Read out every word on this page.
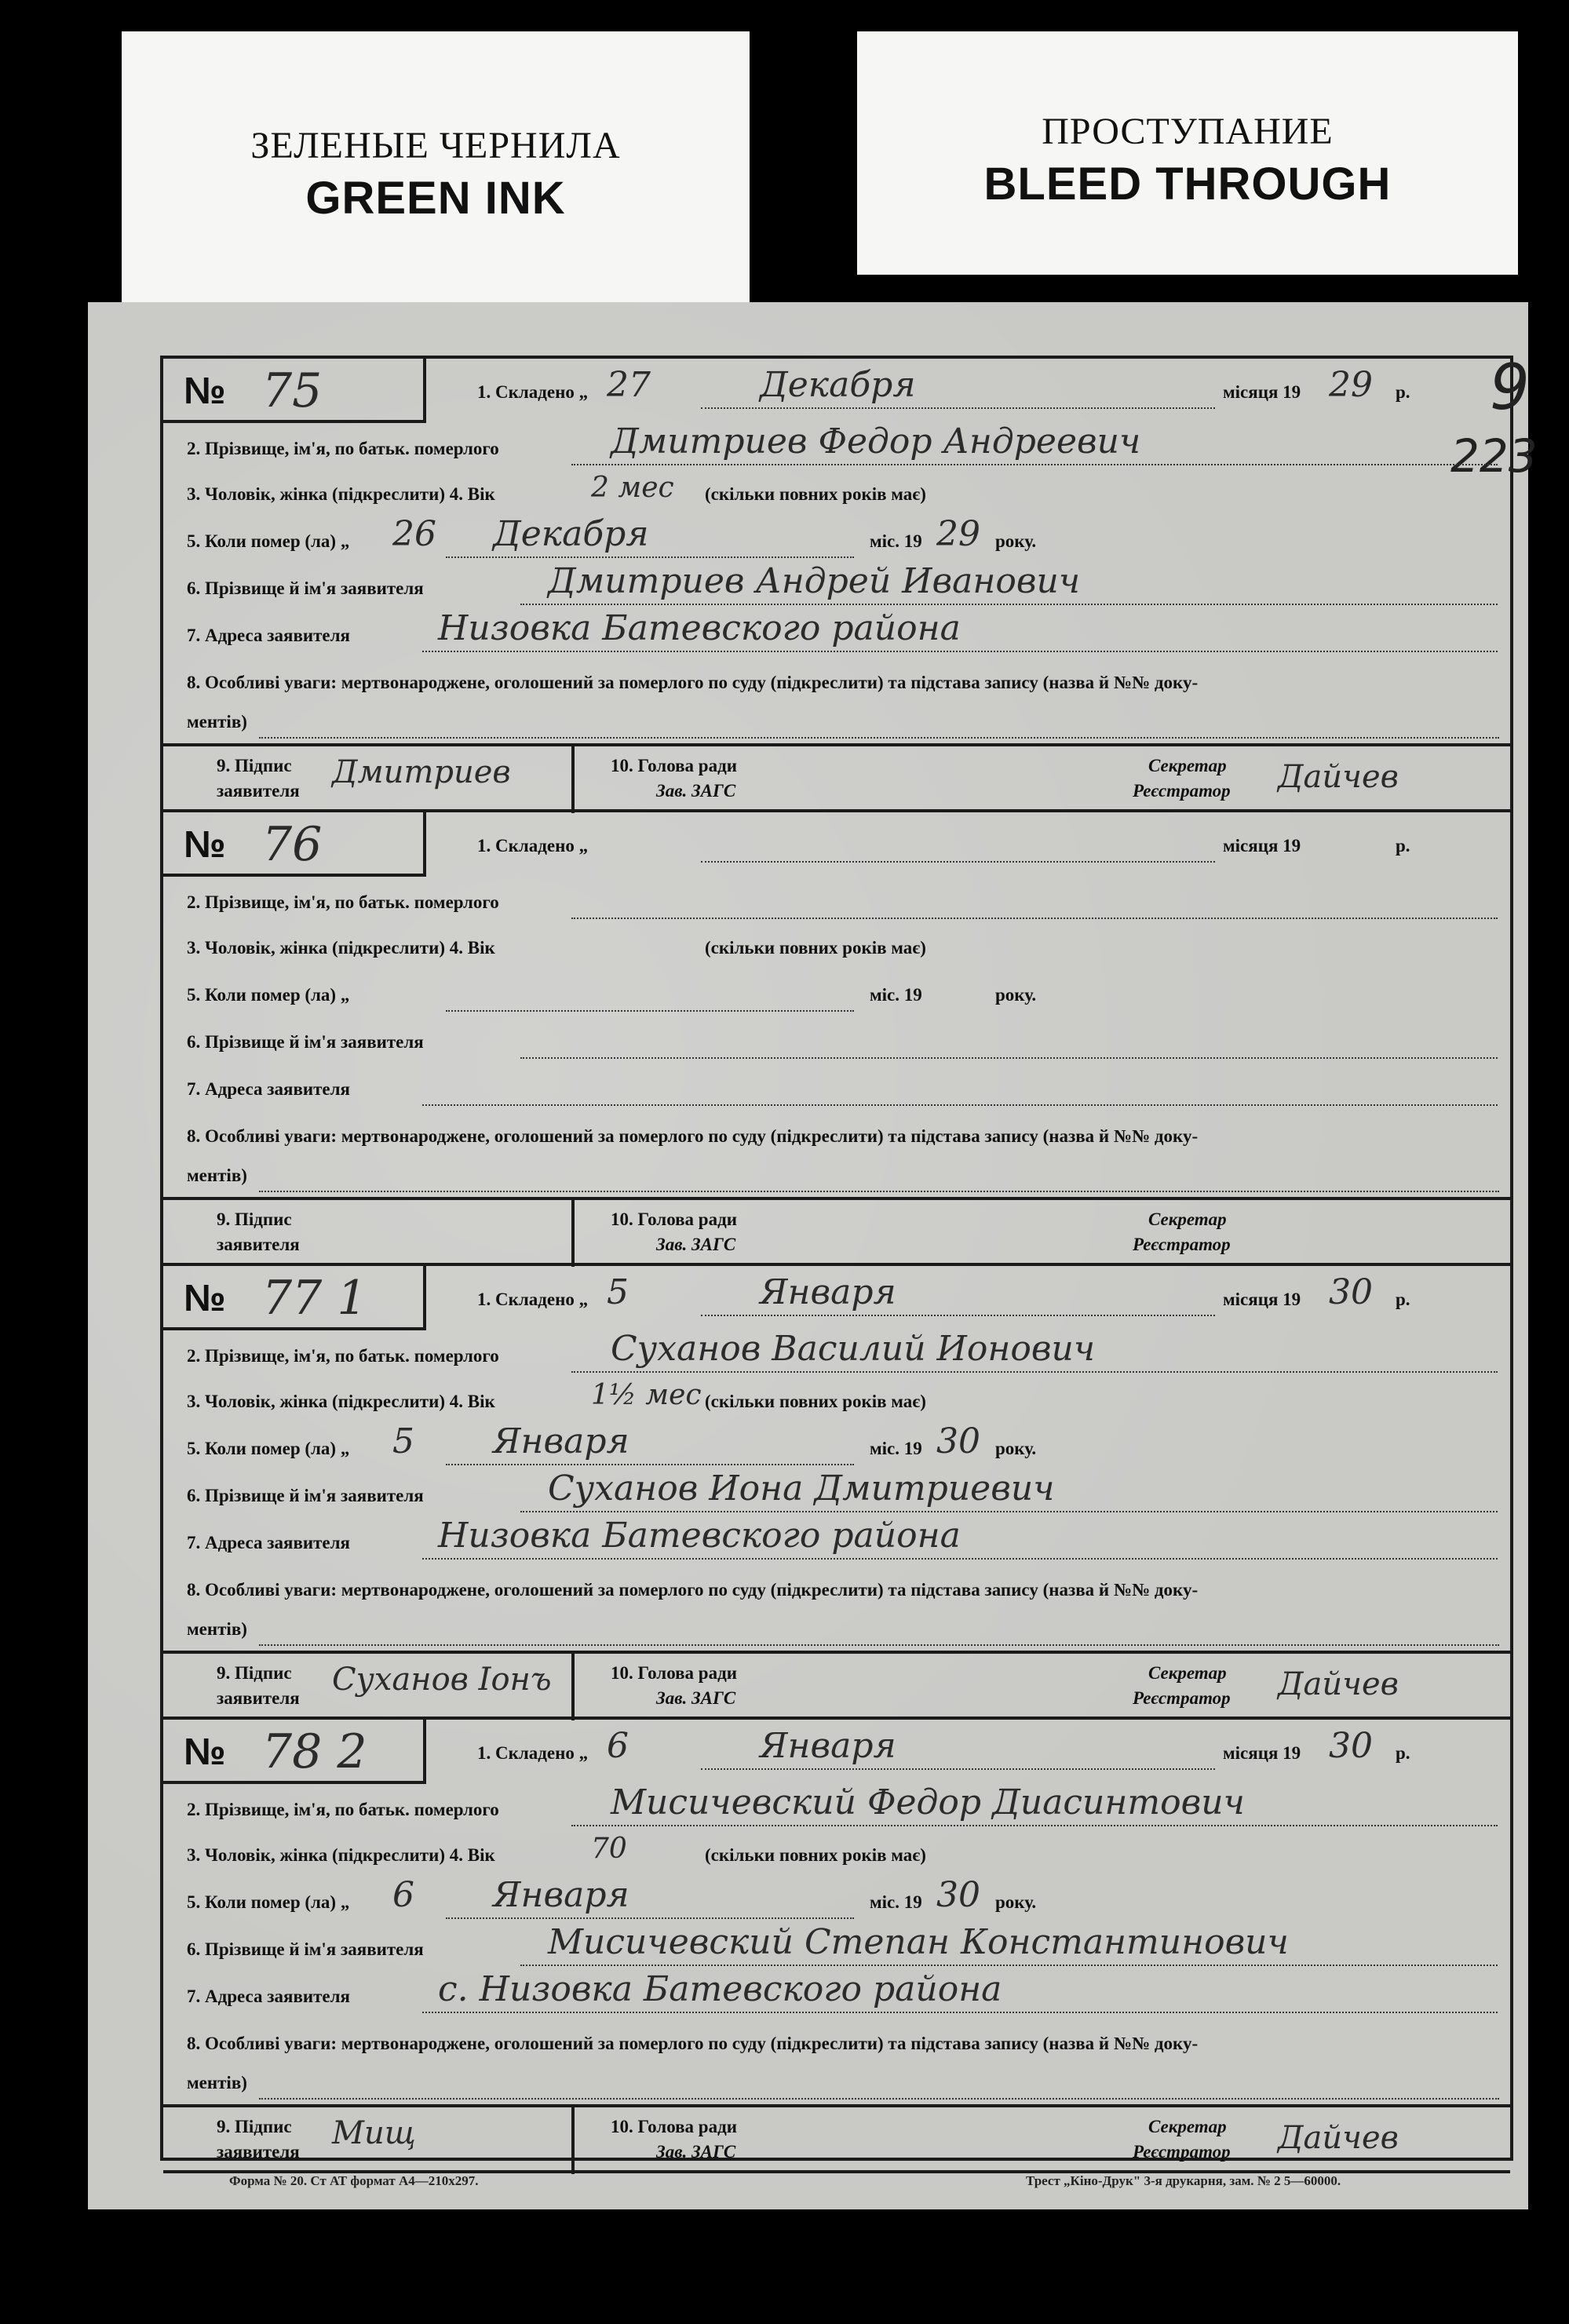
ЗЕЛЕНЫЕ ЧЕРНИЛА
GREEN INK
ПРОСТУПАНИЕ
BLEED THROUGH
9
223
№ 75	1. Складено „ 27	Декабря	місяця 19 29 р.
2. Прізвище, ім'я, по батьк. померлого	Дмитриев Федор Андреевич
3. Чоловік, жінка (підкреслити) 4. Вік	2 мес (скільки повних років має)
5. Коли помер (ла) „ 26 Декабря	міс. 19 29 року.
6. Прізвище й ім'я заявителя	Дмитриев Андрей Иванович
7. Адреса заявителя	Низовка Батевского района
8. Особливі уваги: мертвонароджене, оголошений за померлого по суду (підкреслити) та підстава запису (назва й №№ доку-
ментів)
9. Підпис
заявителя
Дмитриев	10. Голова ради
Зав. ЗАГС
Секретар
Реєстратор Дайчев
№ 76	1. Складено „	місяця 19	р.
2. Прізвище, ім'я, по батьк. померлого
3. Чоловік, жінка (підкреслити) 4. Вік	(скільки повних років має)
5. Коли помер (ла) „	міс. 19	року.
6. Прізвище й ім'я заявителя
7. Адреса заявителя
8. Особливі уваги: мертвонароджене, оголошений за померлого по суду (підкреслити) та підстава запису (назва й №№ доку-
ментів)
9. Підпис
заявителя
10. Голова ради
Зав. ЗАГС
Секретар
Реєстратор
№ 77 1	1. Складено „ 5	Января	місяця 19 30 р.
2. Прізвище, ім'я, по батьк. померлого	Суханов Василий Ионович
3. Чоловік, жінка (підкреслити) 4. Вік	1½ мес (скільки повних років має)
5. Коли помер (ла) „ 5 Января	міс. 19 30 року.
6. Прізвище й ім'я заявителя	Суханов Иона Дмитриевич
7. Адреса заявителя	Низовка Батевского района
8. Особливі уваги: мертвонароджене, оголошений за померлого по суду (підкреслити) та підстава запису (назва й №№ доку-
ментів)
9. Підпис
заявителя
Суханов Іонъ	10. Голова ради
Зав. ЗАГС
Секретар
Реєстратор Дайчев
№ 78 2	1. Складено „ 6	Января	місяця 19 30 р.
2. Прізвище, ім'я, по батьк. померлого	Мисичевский Федор Диасинтович
3. Чоловік, жінка (підкреслити) 4. Вік	70	(скільки повних років має)
5. Коли помер (ла) „ 6 Января	міс. 19 30 року.
6. Прізвище й ім'я заявителя	Мисичевский Степан Константинович
7. Адреса заявителя	с. Низовка Батевского района
8. Особливі уваги: мертвонароджене, оголошений за померлого по суду (підкреслити) та підстава запису (назва й №№ доку-
ментів)
9. Підпис
заявителя
Мищ	10. Голова ради
Зав. ЗАГС
Секретар
Реєстратор Дайчев
Форма № 20. Ст АТ формат А4—210x297.	Трест „Кіно-Друк" 3-я друкарня, зам. № 2 5—60000.
